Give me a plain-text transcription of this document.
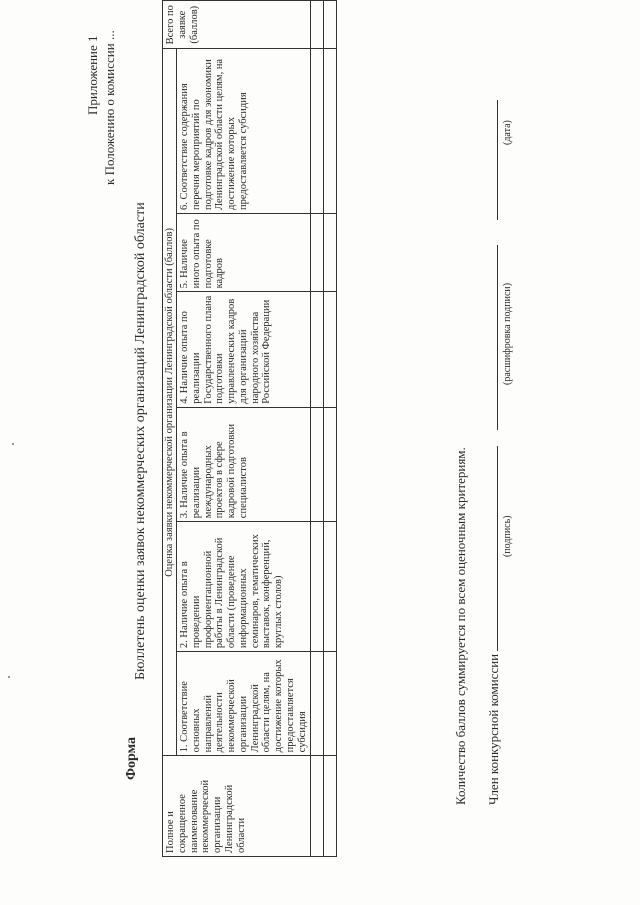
Приложение 1 к Положению о комиссии ...
Форма
Бюллетень оценки заявок некоммерческих организаций Ленинградской области
Полное и сокращенное наименование некоммерческой организации Ленинградской области	Оценка заявки некоммерческой организации Ленинградской области (баллов)						Всего по заявке (баллов)
	1. Соответствие основных направлений деятельности некоммерческой организации Ленинградской области целям, на достижение которых предоставляется субсидия	2. Наличие опыта в проведении профориентационной работы в Ленинградской области (проведение информационных семинаров, тематических выставок, конференций, круглых столов)	3. Наличие опыта в реализации международных проектов в сфере кадровой подготовки специалистов	4. Наличие опыта по реализации Государственного плана подготовки управленческих кадров для организаций народного хозяйства Российской Федерации	5. Наличие иного опыта по подготовке кадров	6. Соответствие содержания перечня мероприятий по подготовке кадров для экономики Ленинградской области целям, на достижение которых предоставляется субсидия	

Количество баллов суммируется по всем оценочным критериям. Член конкурсной комиссии
(подпись)
(расшифровка подписи)
(дата)
